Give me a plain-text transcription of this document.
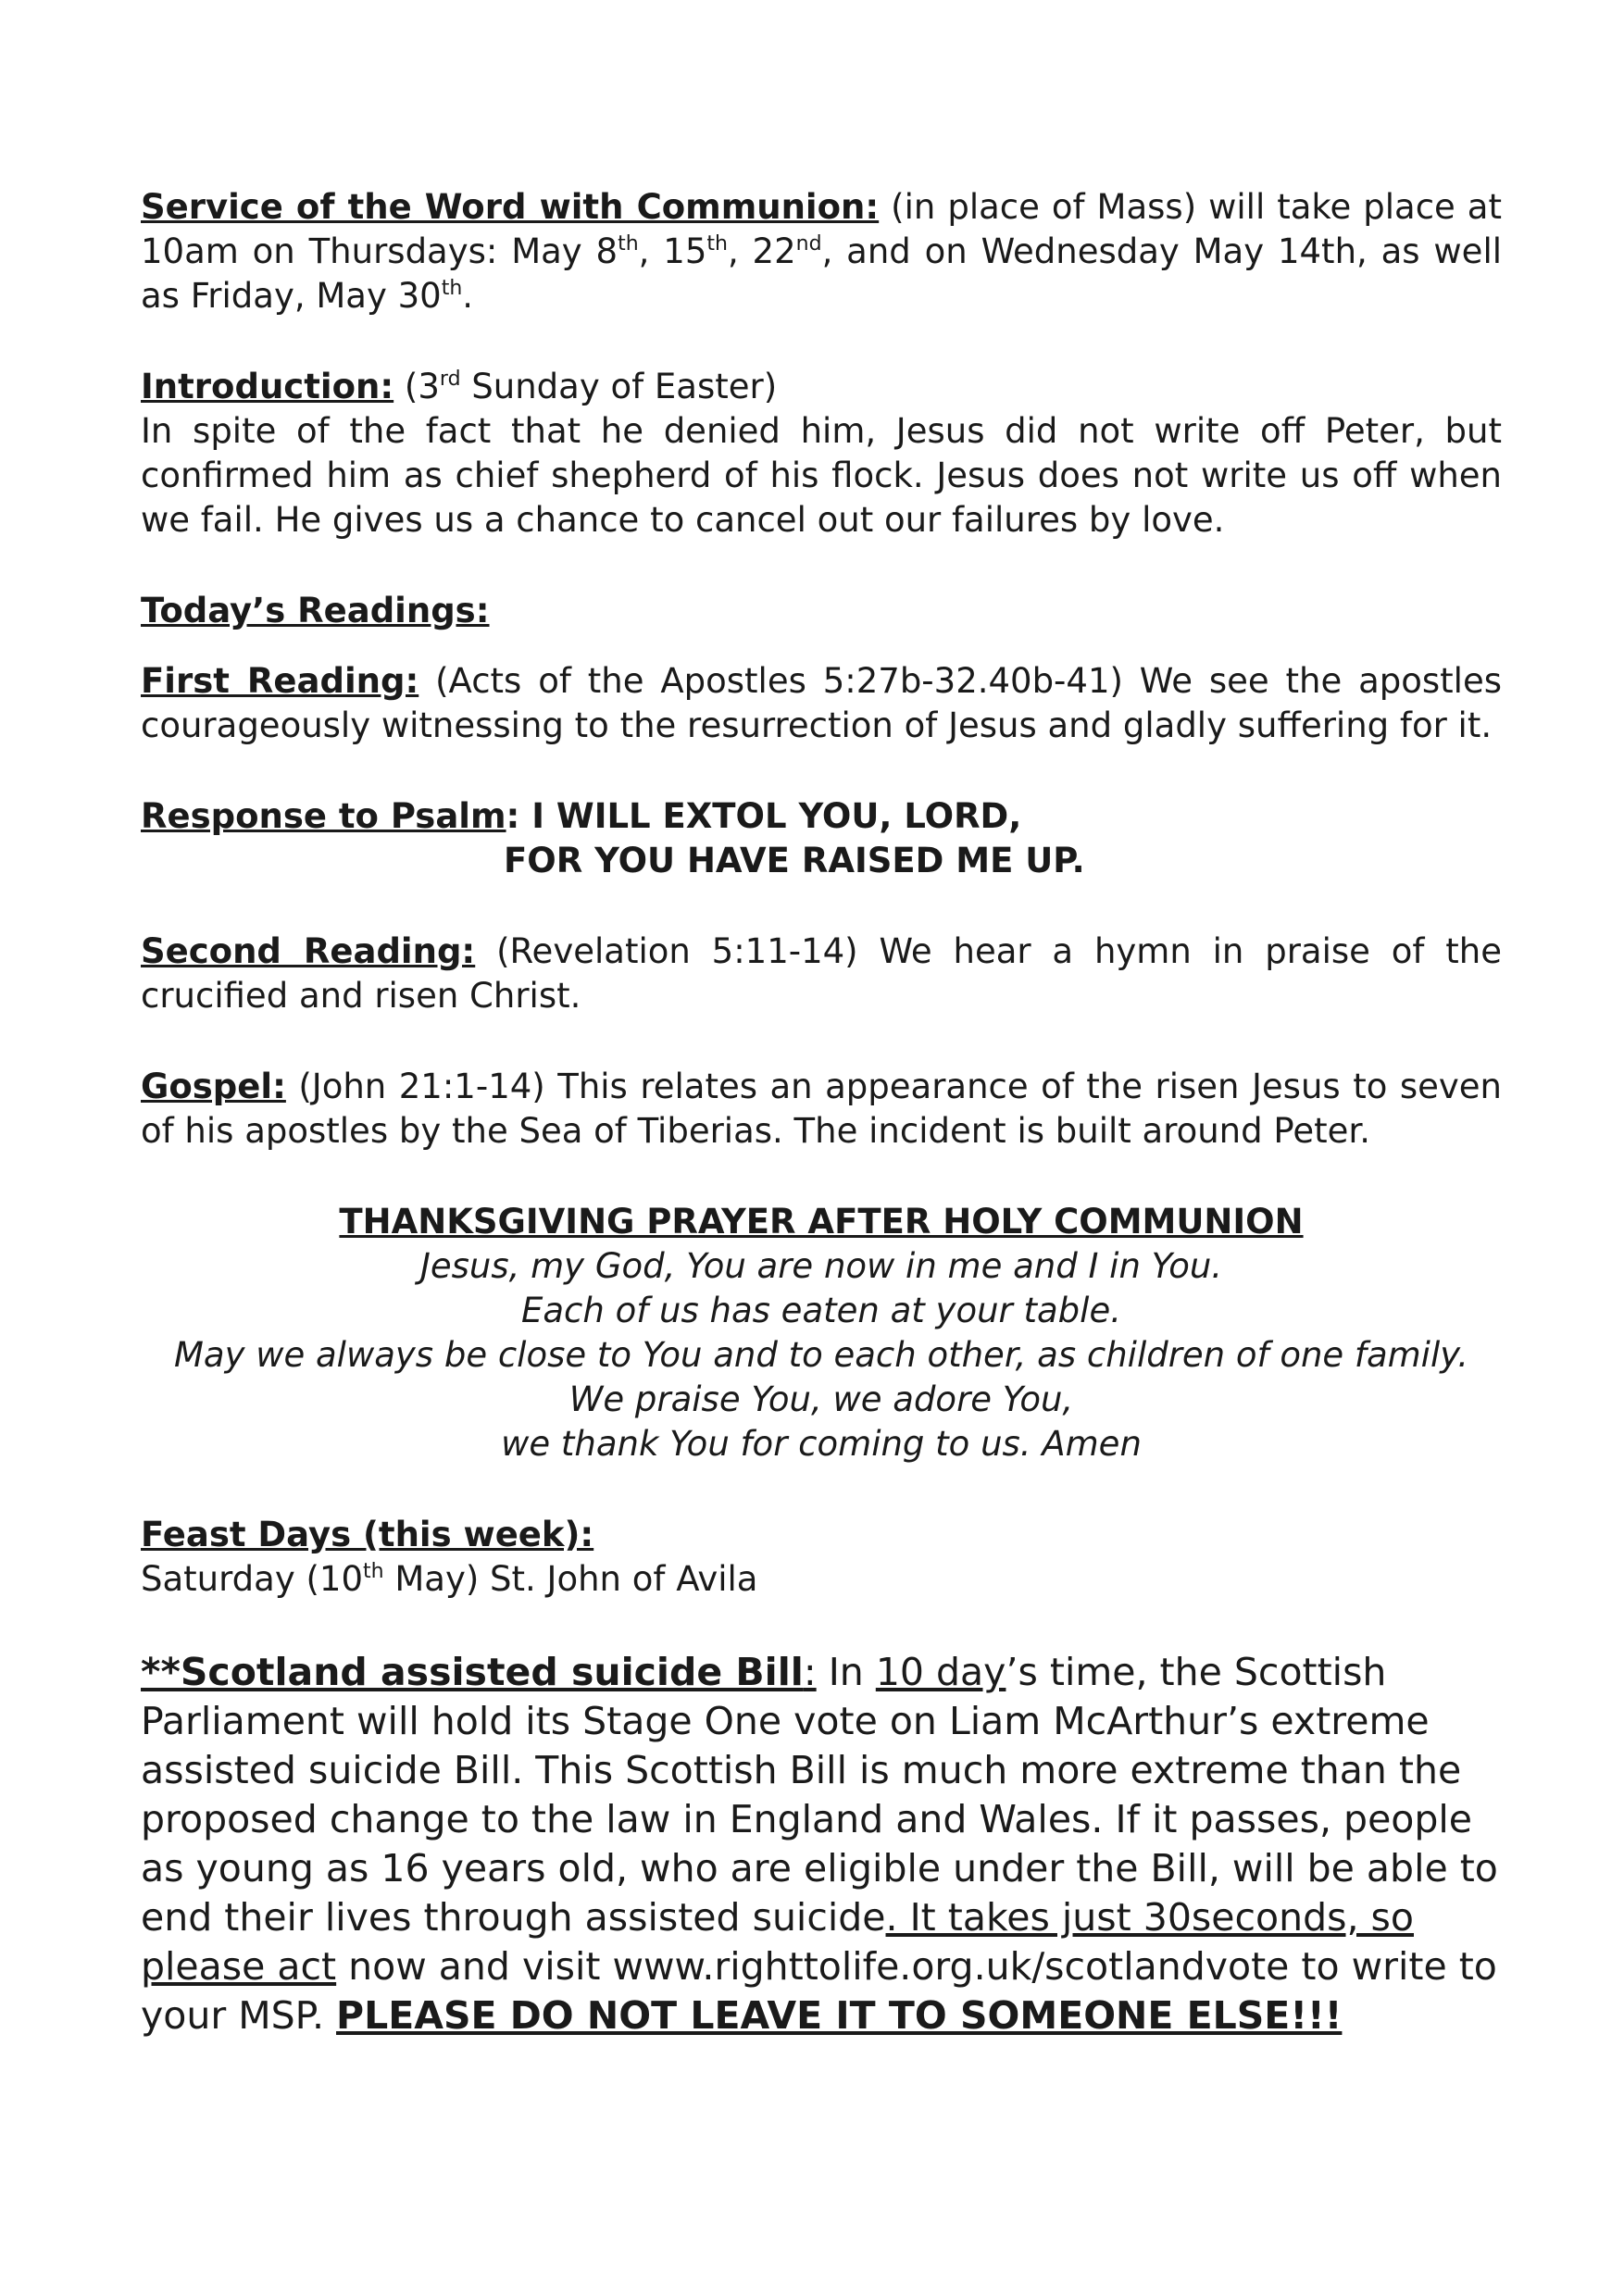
Service of the Word with Communion: (in place of Mass) will take place at 10am on Thursdays: May 8th, 15th, 22nd, and on Wednesday May 14th, as well as Friday, May 30th.

Introduction: (3rd Sunday of Easter)

In spite of the fact that he denied him, Jesus did not write off Peter, but confirmed him as chief shepherd of his flock. Jesus does not write us off when we fail. He gives us a chance to cancel out our failures by love.

Today’s Readings:

First Reading: (Acts of the Apostles 5:27b-32.40b-41) We see the apostles courageously witnessing to the resurrection of Jesus and gladly suffering for it.

Response to Psalm: I WILL EXTOL YOU, LORD,

FOR YOU HAVE RAISED ME UP.

Second Reading: (Revelation 5:11-14) We hear a hymn in praise of the crucified and risen Christ.

Gospel: (John 21:1-14) This relates an appearance of the risen Jesus to seven of his apostles by the Sea of Tiberias. The incident is built around Peter.

THANKSGIVING PRAYER AFTER HOLY COMMUNION

Jesus, my God, You are now in me and I in You.

Each of us has eaten at your table.

May we always be close to You and to each other, as children of one family.

We praise You, we adore You,

we thank You for coming to us. Amen

Feast Days (this week):

Saturday (10th May) St. John of Avila

**Scotland assisted suicide Bill: In 10 day’s time, the Scottish Parliament will hold its Stage One vote on Liam McArthur’s extreme assisted suicide Bill. This Scottish Bill is much more extreme than the proposed change to the law in England and Wales. If it passes, people as young as 16 years old, who are eligible under the Bill, will be able to end their lives through assisted suicide. It takes just 30seconds, so please act now and visit www.righttolife.org.uk/scotlandvote to write to your MSP. PLEASE DO NOT LEAVE IT TO SOMEONE ELSE!!!
